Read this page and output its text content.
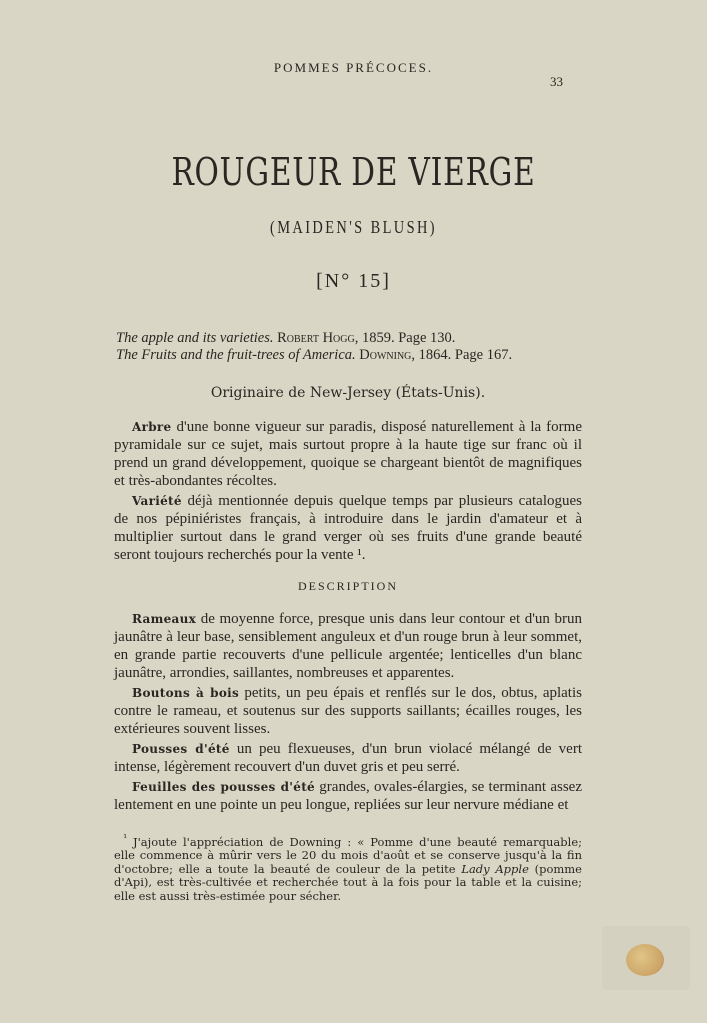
POMMES PRÉCOCES.
33
ROUGEUR DE VIERGE
(MAIDEN'S BLUSH)
[N° 15]
The apple and its varieties. Robert Hogg, 1859. Page 130.
The Fruits and the fruit-trees of America. Downing, 1864. Page 167.
Originaire de New-Jersey (États-Unis).

Arbre d'une bonne vigueur sur paradis, disposé naturellement à la forme pyramidale sur ce sujet, mais surtout propre à la haute tige sur franc où il prend un grand développement, quoique se chargeant bientôt de magnifiques et très-abondantes récoltes.

Variété déjà mentionnée depuis quelque temps par plusieurs catalogues de nos pépiniéristes français, à introduire dans le jardin d'amateur et à multiplier surtout dans le grand verger où ses fruits d'une grande beauté seront toujours recherchés pour la vente ¹.

DESCRIPTION

Rameaux de moyenne force, presque unis dans leur contour et d'un brun jaunâtre à leur base, sensiblement anguleux et d'un rouge brun à leur sommet, en grande partie recouverts d'une pellicule argentée; lenticelles d'un blanc jaunâtre, arrondies, saillantes, nombreuses et apparentes.

Boutons à bois petits, un peu épais et renflés sur le dos, obtus, aplatis contre le rameau, et soutenus sur des supports saillants; écailles rouges, les extérieures souvent lisses.

Pousses d'été un peu flexueuses, d'un brun violacé mélangé de vert intense, légèrement recouvert d'un duvet gris et peu serré.

Feuilles des pousses d'été grandes, ovales-élargies, se terminant assez lentement en une pointe un peu longue, repliées sur leur nervure médiane et

$^{^1}$ J'ajoute l'appréciation de Downing : « Pomme d'une beauté remarquable; elle commence à mûrir vers le 20 du mois d'août et se conserve jusqu'à la fin d'octobre; elle a toute la beauté de couleur de la petite Lady Apple (pomme d'Api), est très-cultivée et recherchée tout à la fois pour la table et la cuisine; elle est aussi très-estimée pour sécher.
